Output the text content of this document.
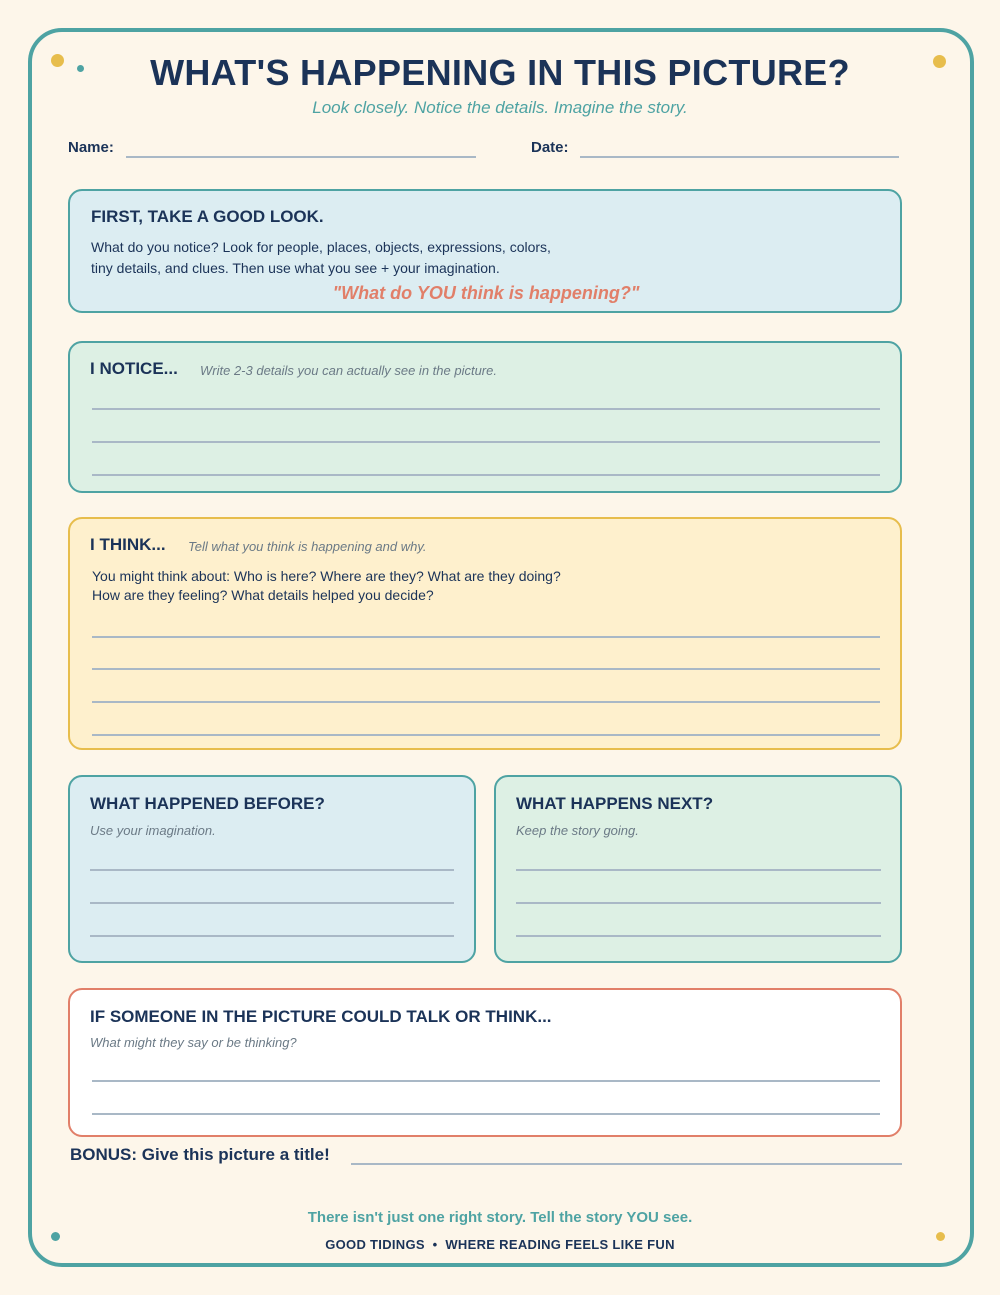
WHAT'S HAPPENING IN THIS PICTURE?
Look closely. Notice the details. Imagine the story.
Name:	Date:
FIRST, TAKE A GOOD LOOK.
What do you notice? Look for people, places, objects, expressions, colors,
tiny details, and clues. Then use what you see + your imagination.
"What do YOU think is happening?"
I NOTICE... Write 2-3 details you can actually see in the picture.
I THINK... Tell what you think is happening and why.
You might think about: Who is here? Where are they? What are they doing?
How are they feeling? What details helped you decide?
WHAT HAPPENED BEFORE?
Use your imagination.
WHAT HAPPENS NEXT?
Keep the story going.
IF SOMEONE IN THE PICTURE COULD TALK OR THINK...
What might they say or be thinking?
BONUS: Give this picture a title!
There isn't just one right story. Tell the story YOU see.
GOOD TIDINGS  •  WHERE READING FEELS LIKE FUN
